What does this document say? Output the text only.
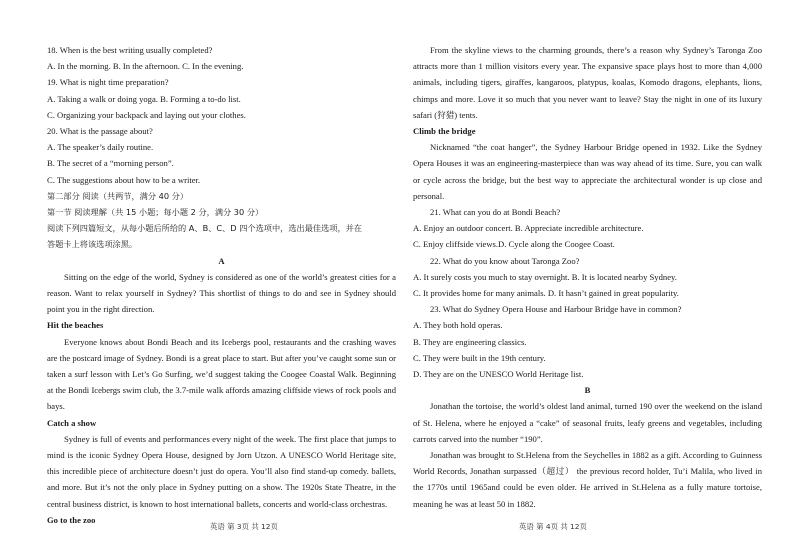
18. When is the best writing usually completed?
A. In the morning. B. In the afternoon. C. In the evening.
19. What is night time preparation?
A. Taking a walk or doing yoga. B. Forming a to-do list.
C. Organizing your backpack and laying out your clothes.
20. What is the passage about?
A. The speaker’s daily routine.
B. The secret of a “morning person”.
C. The suggestions about how to be a writer.
第二部分 阅读（共两节，满分 40 分）
第一节 阅读理解（共 15 小题；每小题 2 分，满分 30 分）
阅读下列四篇短文，从每小题后所给的 A、B、C、D 四个选项中，选出最佳选项，并在
答题卡上将该选项涂黑。
A
Sitting on the edge of the world, Sydney is considered as one of the world’s greatest cities for a reason. Want to relax yourself in Sydney? This shortlist of things to do and see in Sydney should point you in the right direction.
Hit the beaches
Everyone knows about Bondi Beach and its Icebergs pool, restaurants and the crashing waves are the postcard image of Sydney. Bondi is a great place to start. But after you’ve caught some sun or taken a surf lesson with Let’s Go Surfing, we’d suggest taking the Coogee Coastal Walk. Beginning at the Bondi Icebergs swim club, the 3.7-mile walk affords amazing cliffside views of rock pools and bays.
Catch a show
Sydney is full of events and performances every night of the week. The first place that jumps to mind is the iconic Sydney Opera House, designed by Jorn Utzon. A UNESCO World Heritage site, this incredible piece of architecture doesn’t just do opera. You’ll also find stand-up comedy. ballets, and more. But it’s not the only place in Sydney putting on a show. The 1920s State Theatre, in the central business district, is known to host international ballets, concerts and world-class orchestras.
Go to the zoo
From the skyline views to the charming grounds, there’s a reason why Sydney’s Taronga Zoo attracts more than 1 million visitors every year. The expansive space plays host to more than 4,000 animals, including tigers, giraffes, kangaroos, platypus, koalas, Komodo dragons, elephants, lions, chimps and more. Love it so much that you never want to leave? Stay the night in one of its luxury safari (狩猎) tents.
Climb the bridge
Nicknamed “the coat hanger”, the Sydney Harbour Bridge opened in 1932. Like the Sydney Opera Houses it was an engineering-masterpiece than was way ahead of its time. Sure, you can walk or cycle across the bridge, but the best way to appreciate the architectural wonder is up close and personal.
21. What can you do at Bondi Beach?
A. Enjoy an outdoor concert. B. Appreciate incredible architecture.
C. Enjoy cliffside views.D. Cycle along the Coogee Coast.
22. What do you know about Taronga Zoo?
A. It surely costs you much to stay overnight. B. It is located nearby Sydney.
C. It provides home for many animals. D. It hasn’t gained in great popularity.
23. What do Sydney Opera House and Harbour Bridge have in common?
A. They both hold operas.
B. They are engineering classics.
C. They were built in the 19th century.
D. They are on the UNESCO World Heritage list.
B
Jonathan the tortoise, the world’s oldest land animal, turned 190 over the weekend on the island of St. Helena, where he enjoyed a “cake” of seasonal fruits, leafy greens and vegetables, including carrots carved into the number “190”.
Jonathan was brought to St.Helena from the Seychelles in 1882 as a gift. According to Guinness World Records, Jonathan surpassed（超过） the previous record holder, Tu’i Malila, who lived in the 1770s until 1965and could be even older. He arrived in St.Helena as a fully mature tortoise, meaning he was at least 50 in 1882.
英语 第 3页 共 12页	英语 第 4页 共 12页
